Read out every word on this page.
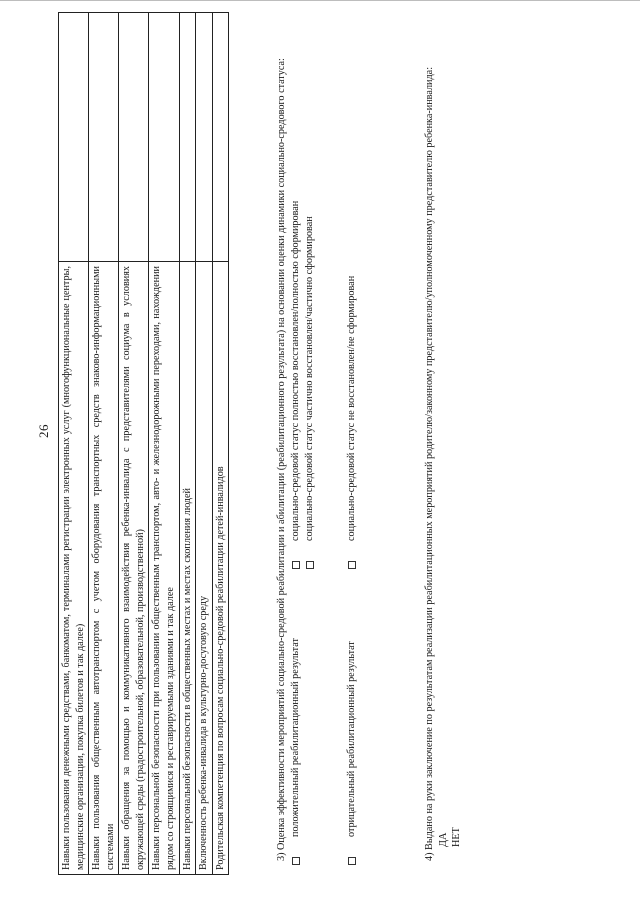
26 Навыки пользования денежными средствами, банкоматом, терминалами регистрации электронных услуг (многофункциональные центры, медицинские организации, покупка билетов и так далее)	
Навыки пользования общественным автотранспортом с учетом оборудования транспортных средств знаково-информационными системами	
Навыки обращения за помощью и коммуникативного взаимодействия ребенка-инвалида с представителями социума в условиях окружающей среды (градостроительной, образовательной, производственной)	
Навыки персональной безопасности при пользовании общественным транспортом, авто- и железнодорожными переходами, нахождении рядом со строящимися и реставрируемыми зданиями и так далее	
Навыки персональной безопасности в общественных местах и местах скопления людей	
Включенность ребенка-инвалида в культурно-досуговую среду	
Родительская компетенция по вопросам социально-средовой реабилитации детей-инвалидов		3) Оценка эффективности мероприятий социально-средовой реабилитации и абилитации (реабилитационного результата) на основании оценки динамики социально-средового статуса: положительный реабилитационный результат
социально-средовой статус полностью восстановлен/полностью сформирован социально-средовой статус частично восстановлен/частично сформирован
отрицательный реабилитационный результат
социально-средовой статус не восстановлен/не сформирован	4) Выдано на руки заключение по результатам реализации реабилитационных мероприятий родителю/законному представителю/уполномоченному представителю ребенка-инвалида: ДА НЕТ
